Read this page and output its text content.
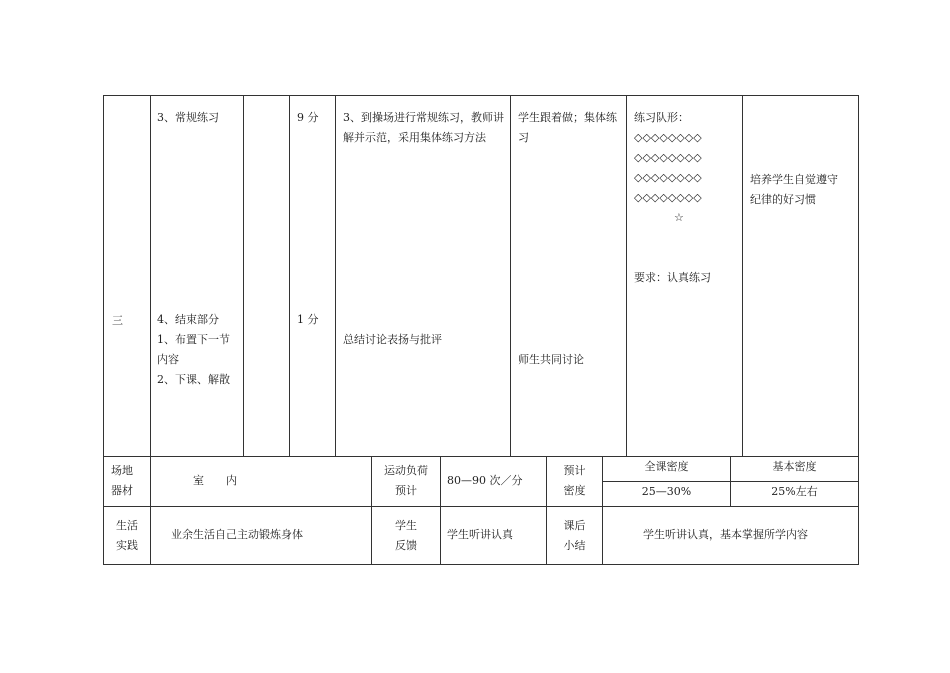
三
3、常规练习
4、结束部分
1、布置下一节
内容
2、下课、解散
9 分
1 分
3、到操场进行常规练习，教师讲
解并示范，采用集体练习方法
总结讨论表扬与批评
学生跟着做；集体练
习
师生共同讨论
练习队形：
◇◇◇◇◇◇◇◇
◇◇◇◇◇◇◇◇
◇◇◇◇◇◇◇◇
◇◇◇◇◇◇◇◇
☆
要求：认真练习
培养学生自觉遵守
纪律的好习惯
场地
器材
室　　内
运动负荷
预计
80—90 次／分
预计
密度
全课密度	基本密度
25—30%	25%左右
生活
实践
业余生活自己主动锻炼身体
学生
反馈
学生听讲认真
课后
小结
学生听讲认真，基本掌握所学内容
